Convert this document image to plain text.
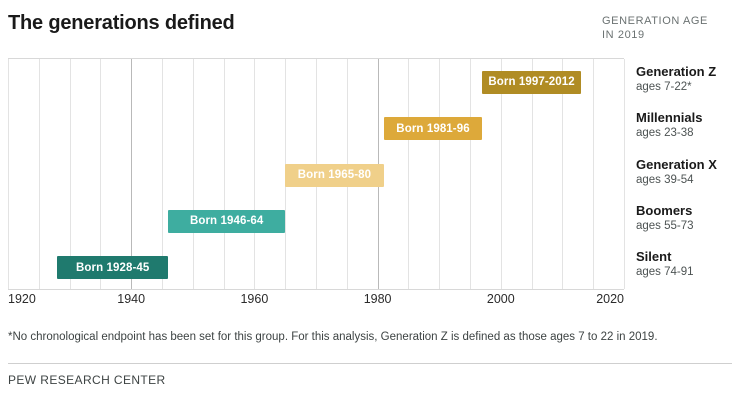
The generations defined	GENERATION AGE
IN 2019
Born 1997-2012
Born 1981-96
Born 1965-80
Born 1946-64
Born 1928-45
1920	1940	1960	1980	2000	2020
Generation Z
ages 7-22*
Millennials
ages 23-38
Generation X
ages 39-54
Boomers
ages 55-73
Silent
ages 74-91
*No chronological endpoint has been set for this group. For this analysis, Generation Z is defined as those ages 7 to 22 in 2019.
PEW RESEARCH CENTER
